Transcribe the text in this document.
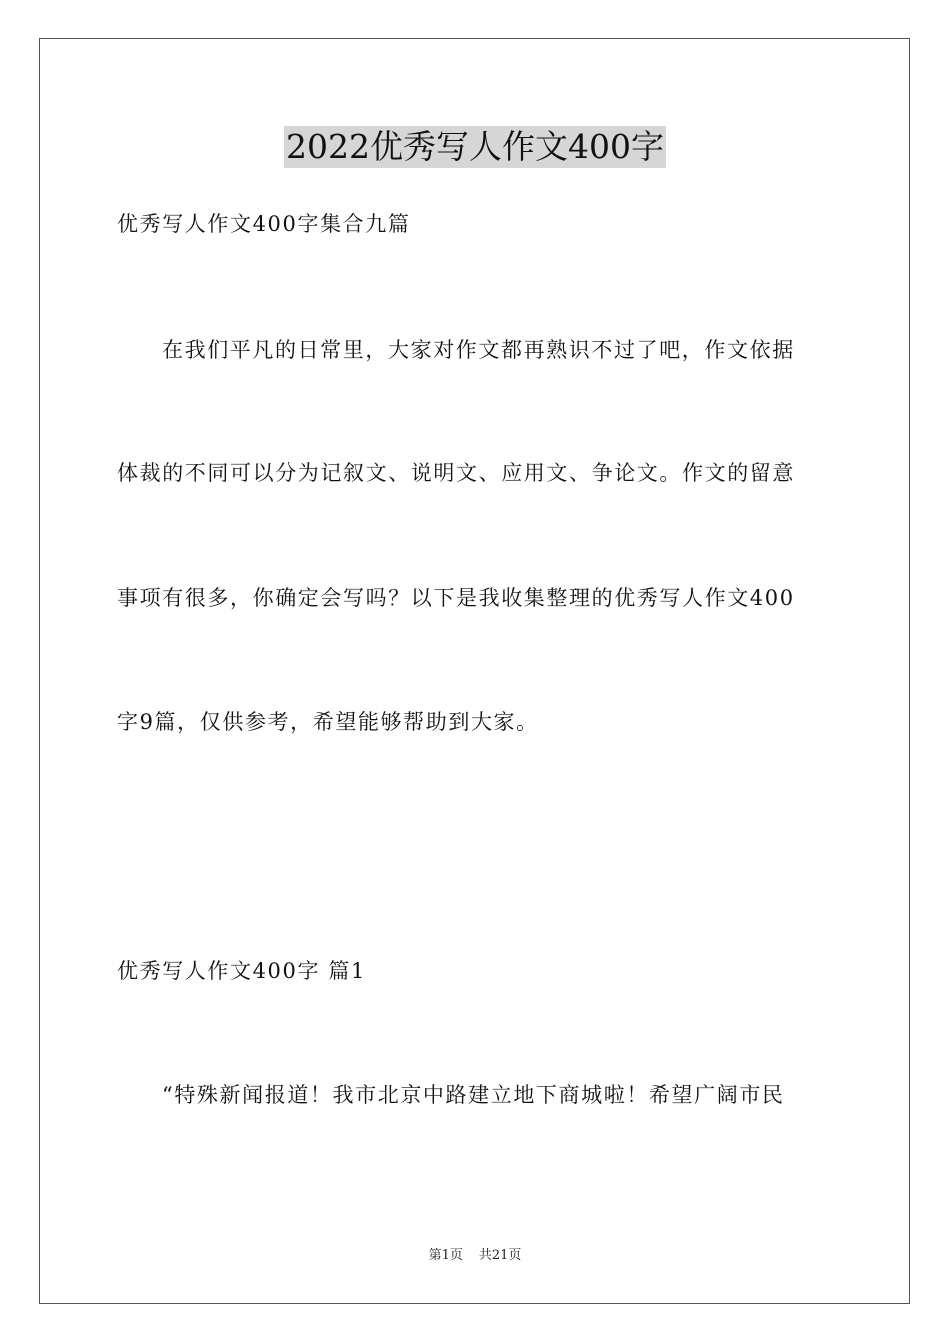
2022优秀写人作文400字
优秀写人作文400字集合九篇
在我们平凡的日常里，大家对作文都再熟识不过了吧，作文依据
体裁的不同可以分为记叙文、说明文、应用文、争论文。作文的留意
事项有很多，你确定会写吗？以下是我收集整理的优秀写人作文400
字9篇，仅供参考，希望能够帮助到大家。
优秀写人作文400字 篇1
“特殊新闻报道！我市北京中路建立地下商城啦！希望广阔市民
第1页 共21页
